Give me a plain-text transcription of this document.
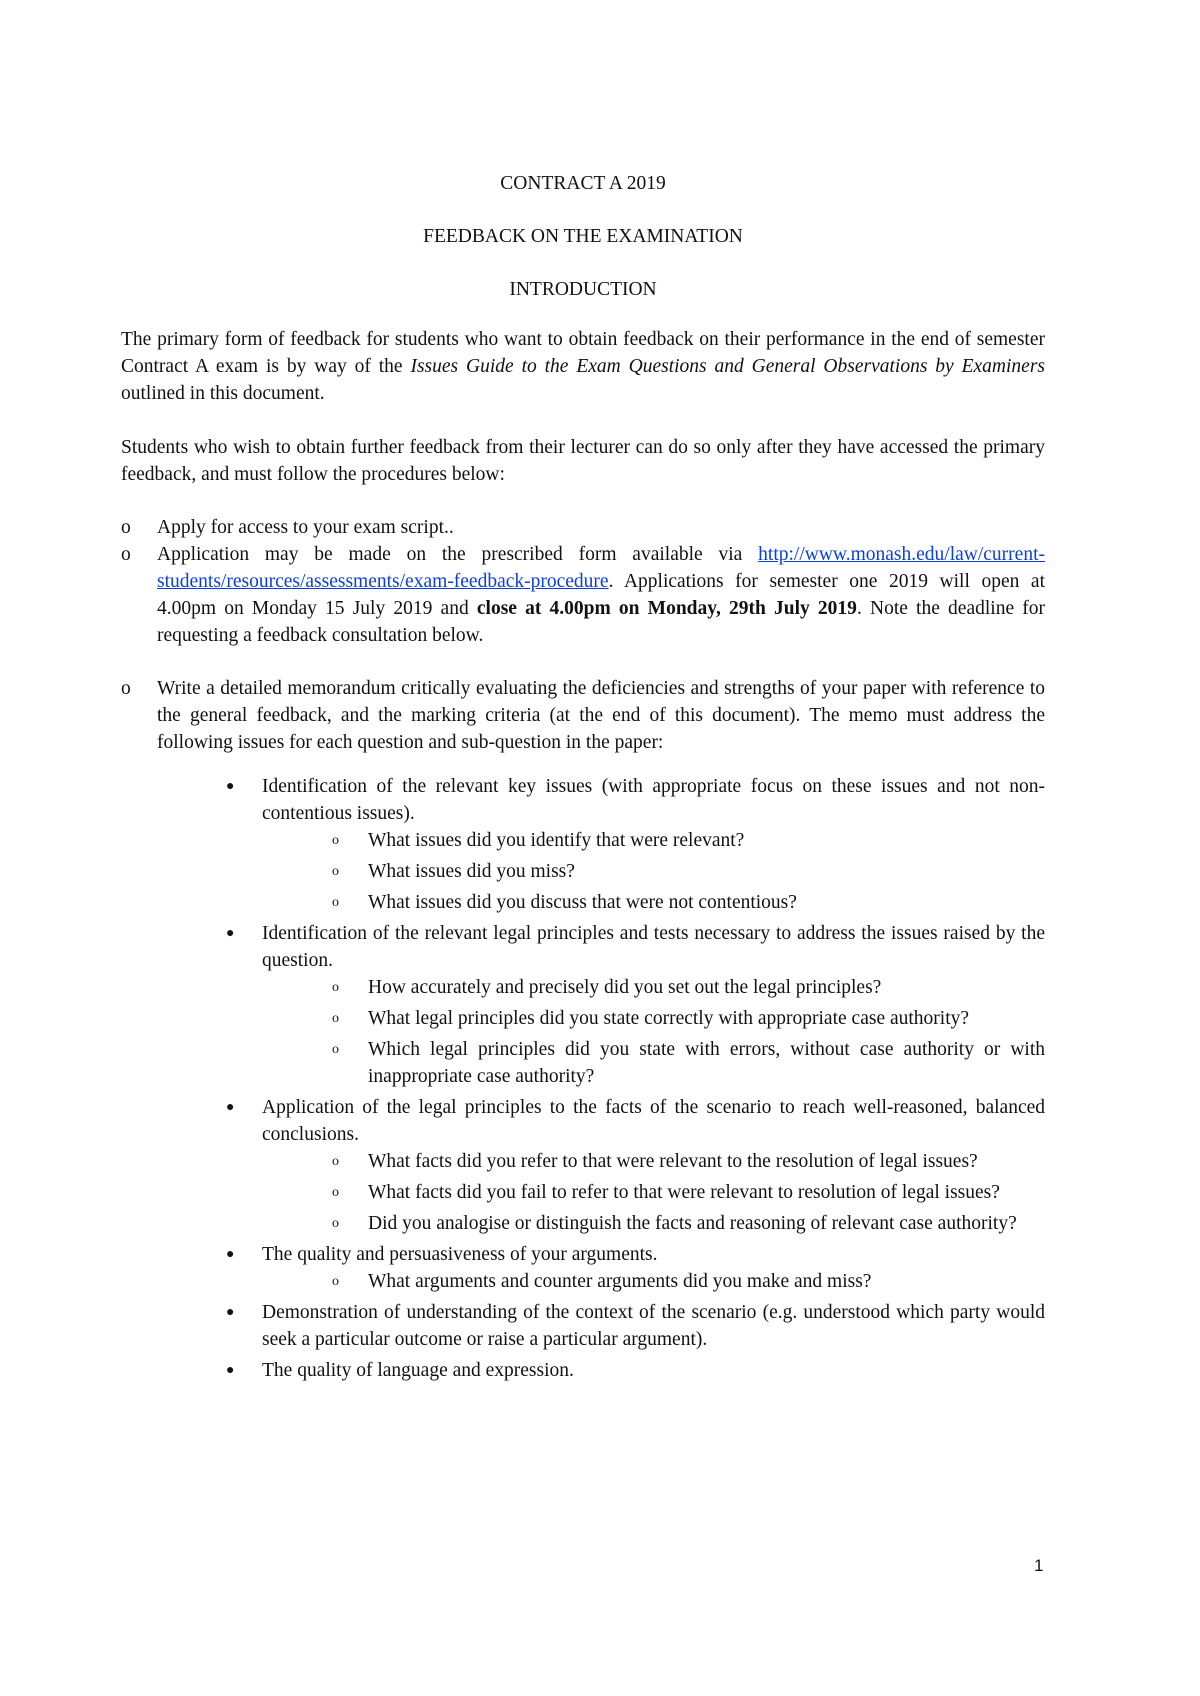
CONTRACT A 2019
FEEDBACK ON THE EXAMINATION
INTRODUCTION

The primary form of feedback for students who want to obtain feedback on their performance in the end of semester Contract A exam is by way of the Issues Guide to the Exam Questions and General Observations by Examiners outlined in this document.

Students who wish to obtain further feedback from their lecturer can do so only after they have accessed the primary feedback, and must follow the procedures below:

o Apply for access to your exam script..
o Application may be made on the prescribed form available via http://www.monash.edu/law/current-students/resources/assessments/exam-feedback-procedure. Applications for semester one 2019 will open at 4.00pm on Monday 15 July 2019 and close at 4.00pm on Monday, 29th July 2019. Note the deadline for requesting a feedback consultation below.
o Write a detailed memorandum critically evaluating the deficiencies and strengths of your paper with reference to the general feedback, and the marking criteria (at the end of this document). The memo must address the following issues for each question and sub-question in the paper:
● Identification of the relevant key issues (with appropriate focus on these issues and not non-contentious issues).
o What issues did you identify that were relevant?
o What issues did you miss?
o What issues did you discuss that were not contentious?
● Identification of the relevant legal principles and tests necessary to address the issues raised by the question.
o How accurately and precisely did you set out the legal principles?
o What legal principles did you state correctly with appropriate case authority?
o Which legal principles did you state with errors, without case authority or with inappropriate case authority?
● Application of the legal principles to the facts of the scenario to reach well-reasoned, balanced conclusions.
o What facts did you refer to that were relevant to the resolution of legal issues?
o What facts did you fail to refer to that were relevant to resolution of legal issues?
o Did you analogise or distinguish the facts and reasoning of relevant case authority?
● The quality and persuasiveness of your arguments.
o What arguments and counter arguments did you make and miss?
● Demonstration of understanding of the context of the scenario (e.g. understood which party would seek a particular outcome or raise a particular argument).
● The quality of language and expression.
1
